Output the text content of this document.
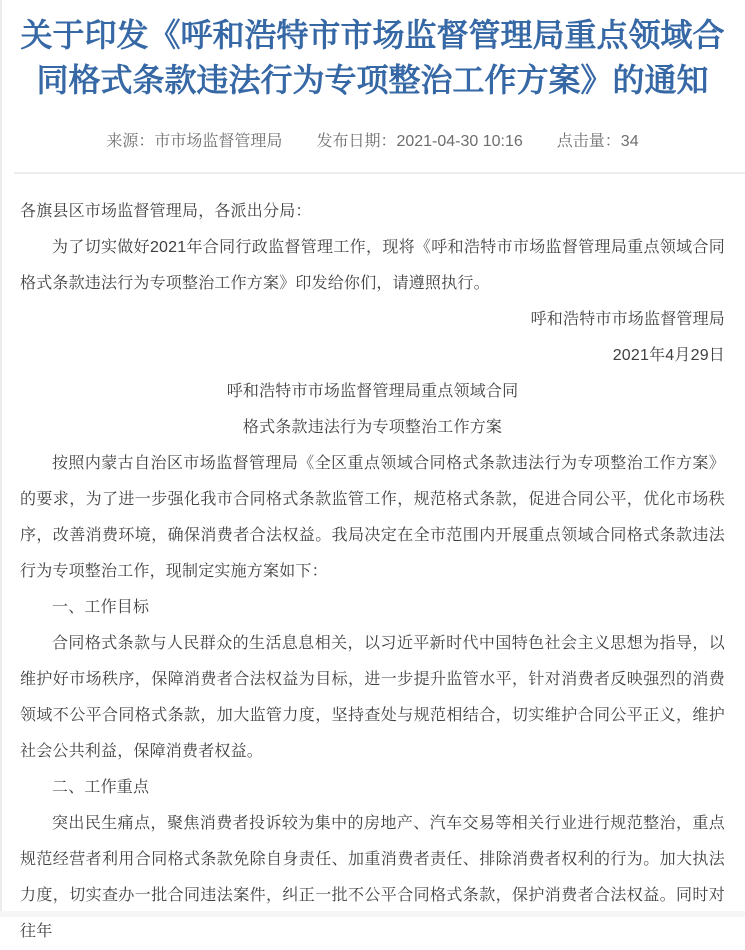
关于印发《呼和浩特市市场监督管理局重点领域合同格式条款违法行为专项整治工作方案》的通知
来源：市市场监督管理局 发布日期：2021-04-30 10:16 点击量：34

各旗县区市场监督管理局，各派出分局：

为了切实做好2021年合同行政监督管理工作，现将《呼和浩特市市场监督管理局重点领域合同格式条款违法行为专项整治工作方案》印发给你们，请遵照执行。

呼和浩特市市场监督管理局

2021年4月29日

呼和浩特市市场监督管理局重点领域合同

格式条款违法行为专项整治工作方案

按照内蒙古自治区市场监督管理局《全区重点领域合同格式条款违法行为专项整治工作方案》的要求，为了进一步强化我市合同格式条款监管工作，规范格式条款，促进合同公平，优化市场秩序，改善消费环境，确保消费者合法权益。我局决定在全市范围内开展重点领域合同格式条款违法行为专项整治工作，现制定实施方案如下：

一、工作目标

合同格式条款与人民群众的生活息息相关，以习近平新时代中国特色社会主义思想为指导，以维护好市场秩序，保障消费者合法权益为目标，进一步提升监管水平，针对消费者反映强烈的消费领域不公平合同格式条款，加大监管力度，坚持查处与规范相结合，切实维护合同公平正义，维护社会公共利益，保障消费者权益。

二、工作重点

突出民生痛点，聚焦消费者投诉较为集中的房地产、汽车交易等相关行业进行规范整治，重点规范经营者利用合同格式条款免除自身责任、加重消费者责任、排除消费者权利的行为。加大执法力度，切实查办一批合同违法案件，纠正一批不公平合同格式条款，保护消费者合法权益。同时对往年
